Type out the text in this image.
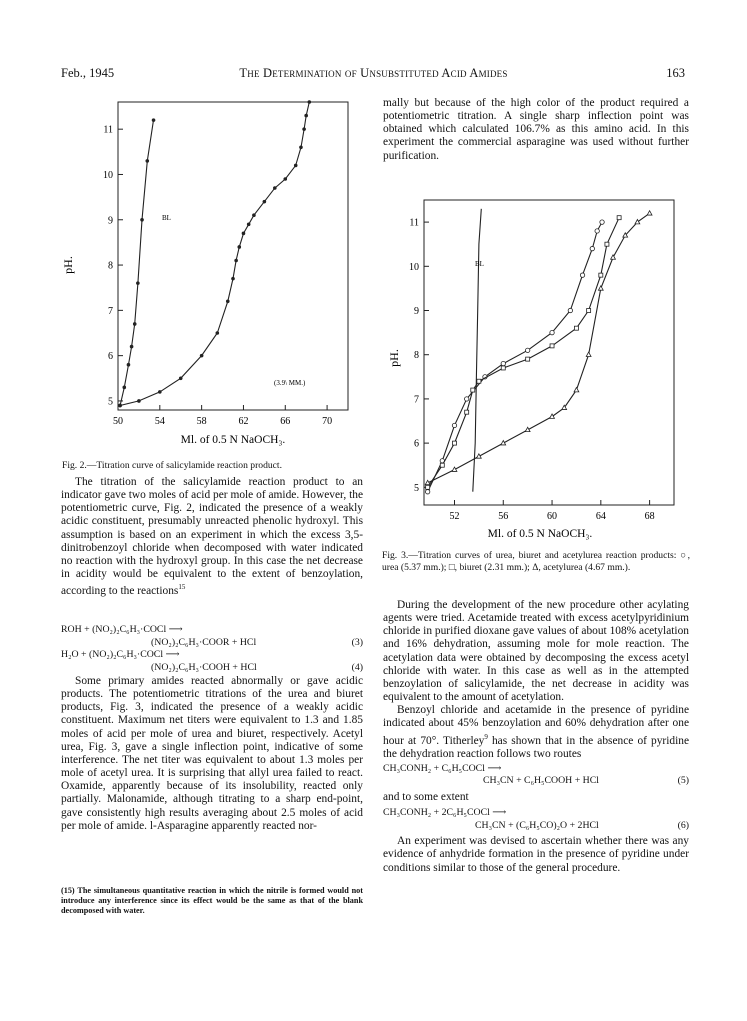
Feb., 1945	The Determination of Unsubstituted Acid Amides	163
50	54	58	62	66	70
5
6
7
8
9
10
11
pH.
Ml. of 0.5 N NaOCH₃.
BL
(3.9\ MM.)
Fig. 2.—Titration curve of salicylamide reaction product.
52	56	60	64	68
5
6
7
8
9
10
11
pH.
Ml. of 0.5 N NaOCH₃.
BL
Fig. 3.—Titration curves of urea, biuret and acetylurea reaction products: ○, urea (5.37 mm.); □, biuret (2.31 mm.); Δ, acetylurea (4.67 mm.).

The titration of the salicylamide reaction product to an indicator gave two moles of acid per mole of amide. However, the potentiometric curve, Fig. 2, indicated the presence of a weakly acidic constituent, presumably unreacted phenolic hydroxyl. This assumption is based on an experiment in which the excess 3,5-dinitrobenzoyl chloride when decomposed with water indicated no reaction with the hydroxyl group. In this case the net decrease in acidity would be equivalent to the extent of benzoylation, according to the reactions$^{15}$

ROH + (NO₂)₂C₆H₃·COCl ⟶
(NO₂)₂C₆H₃·COOR + HCl	(3)
H₂O + (NO₂)₂C₆H₃·COCl ⟶
(NO₂)₂C₆H₃·COOH + HCl	(4)

Some primary amides reacted abnormally or gave acidic products. The potentiometric titrations of the urea and biuret products, Fig. 3, indicated the presence of a weakly acidic constituent. Maximum net titers were equivalent to 1.3 and 1.85 moles of acid per mole of urea and biuret, respectively. Acetyl urea, Fig. 3, gave a single inflection point, indicative of some interference. The net titer was equivalent to about 1.3 moles per mole of acetyl urea. It is surprising that allyl urea failed to react. Oxamide, apparently because of its insolubility, reacted only partially. Malonamide, although titrating to a sharp end-point, gave consistently high results averaging about 2.5 moles of acid per mole of amide. l-Asparagine apparently reacted nor-

(15) The simultaneous quantitative reaction in which the nitrile is formed would not introduce any interference since its effect would be the same as that of the blank decomposed with water.

mally but because of the high color of the product required a potentiometric titration. A single sharp inflection point was obtained which calculated 106.7% as this amino acid. In this experiment the commercial asparagine was used without further purification.

During the development of the new procedure other acylating agents were tried. Acetamide treated with excess acetylpyridinium chloride in purified dioxane gave values of about 108% acetylation and 16% dehydration, assuming mole for mole reaction. The acetylation data were obtained by decomposing the excess acetyl chloride with water. In this case as well as in the attempted benzoylation of salicylamide, the net decrease in acidity was equivalent to the amount of acetylation.

Benzoyl chloride and acetamide in the presence of pyridine indicated about 45% benzoylation and 60% dehydration after one hour at 70°. Titherley$^9$ has shown that in the absence of pyridine the dehydration reaction follows two routes

CH₃CONH₂ + C₆H₅COCl ⟶
CH₃CN + C₆H₅COOH + HCl	(5)

and to some extent

CH₃CONH₂ + 2C₆H₅COCl ⟶
CH₃CN + (C₆H₅CO)₂O + 2HCl	(6)

An experiment was devised to ascertain whether there was any evidence of anhydride formation in the presence of pyridine under conditions similar to those of the general procedure.
